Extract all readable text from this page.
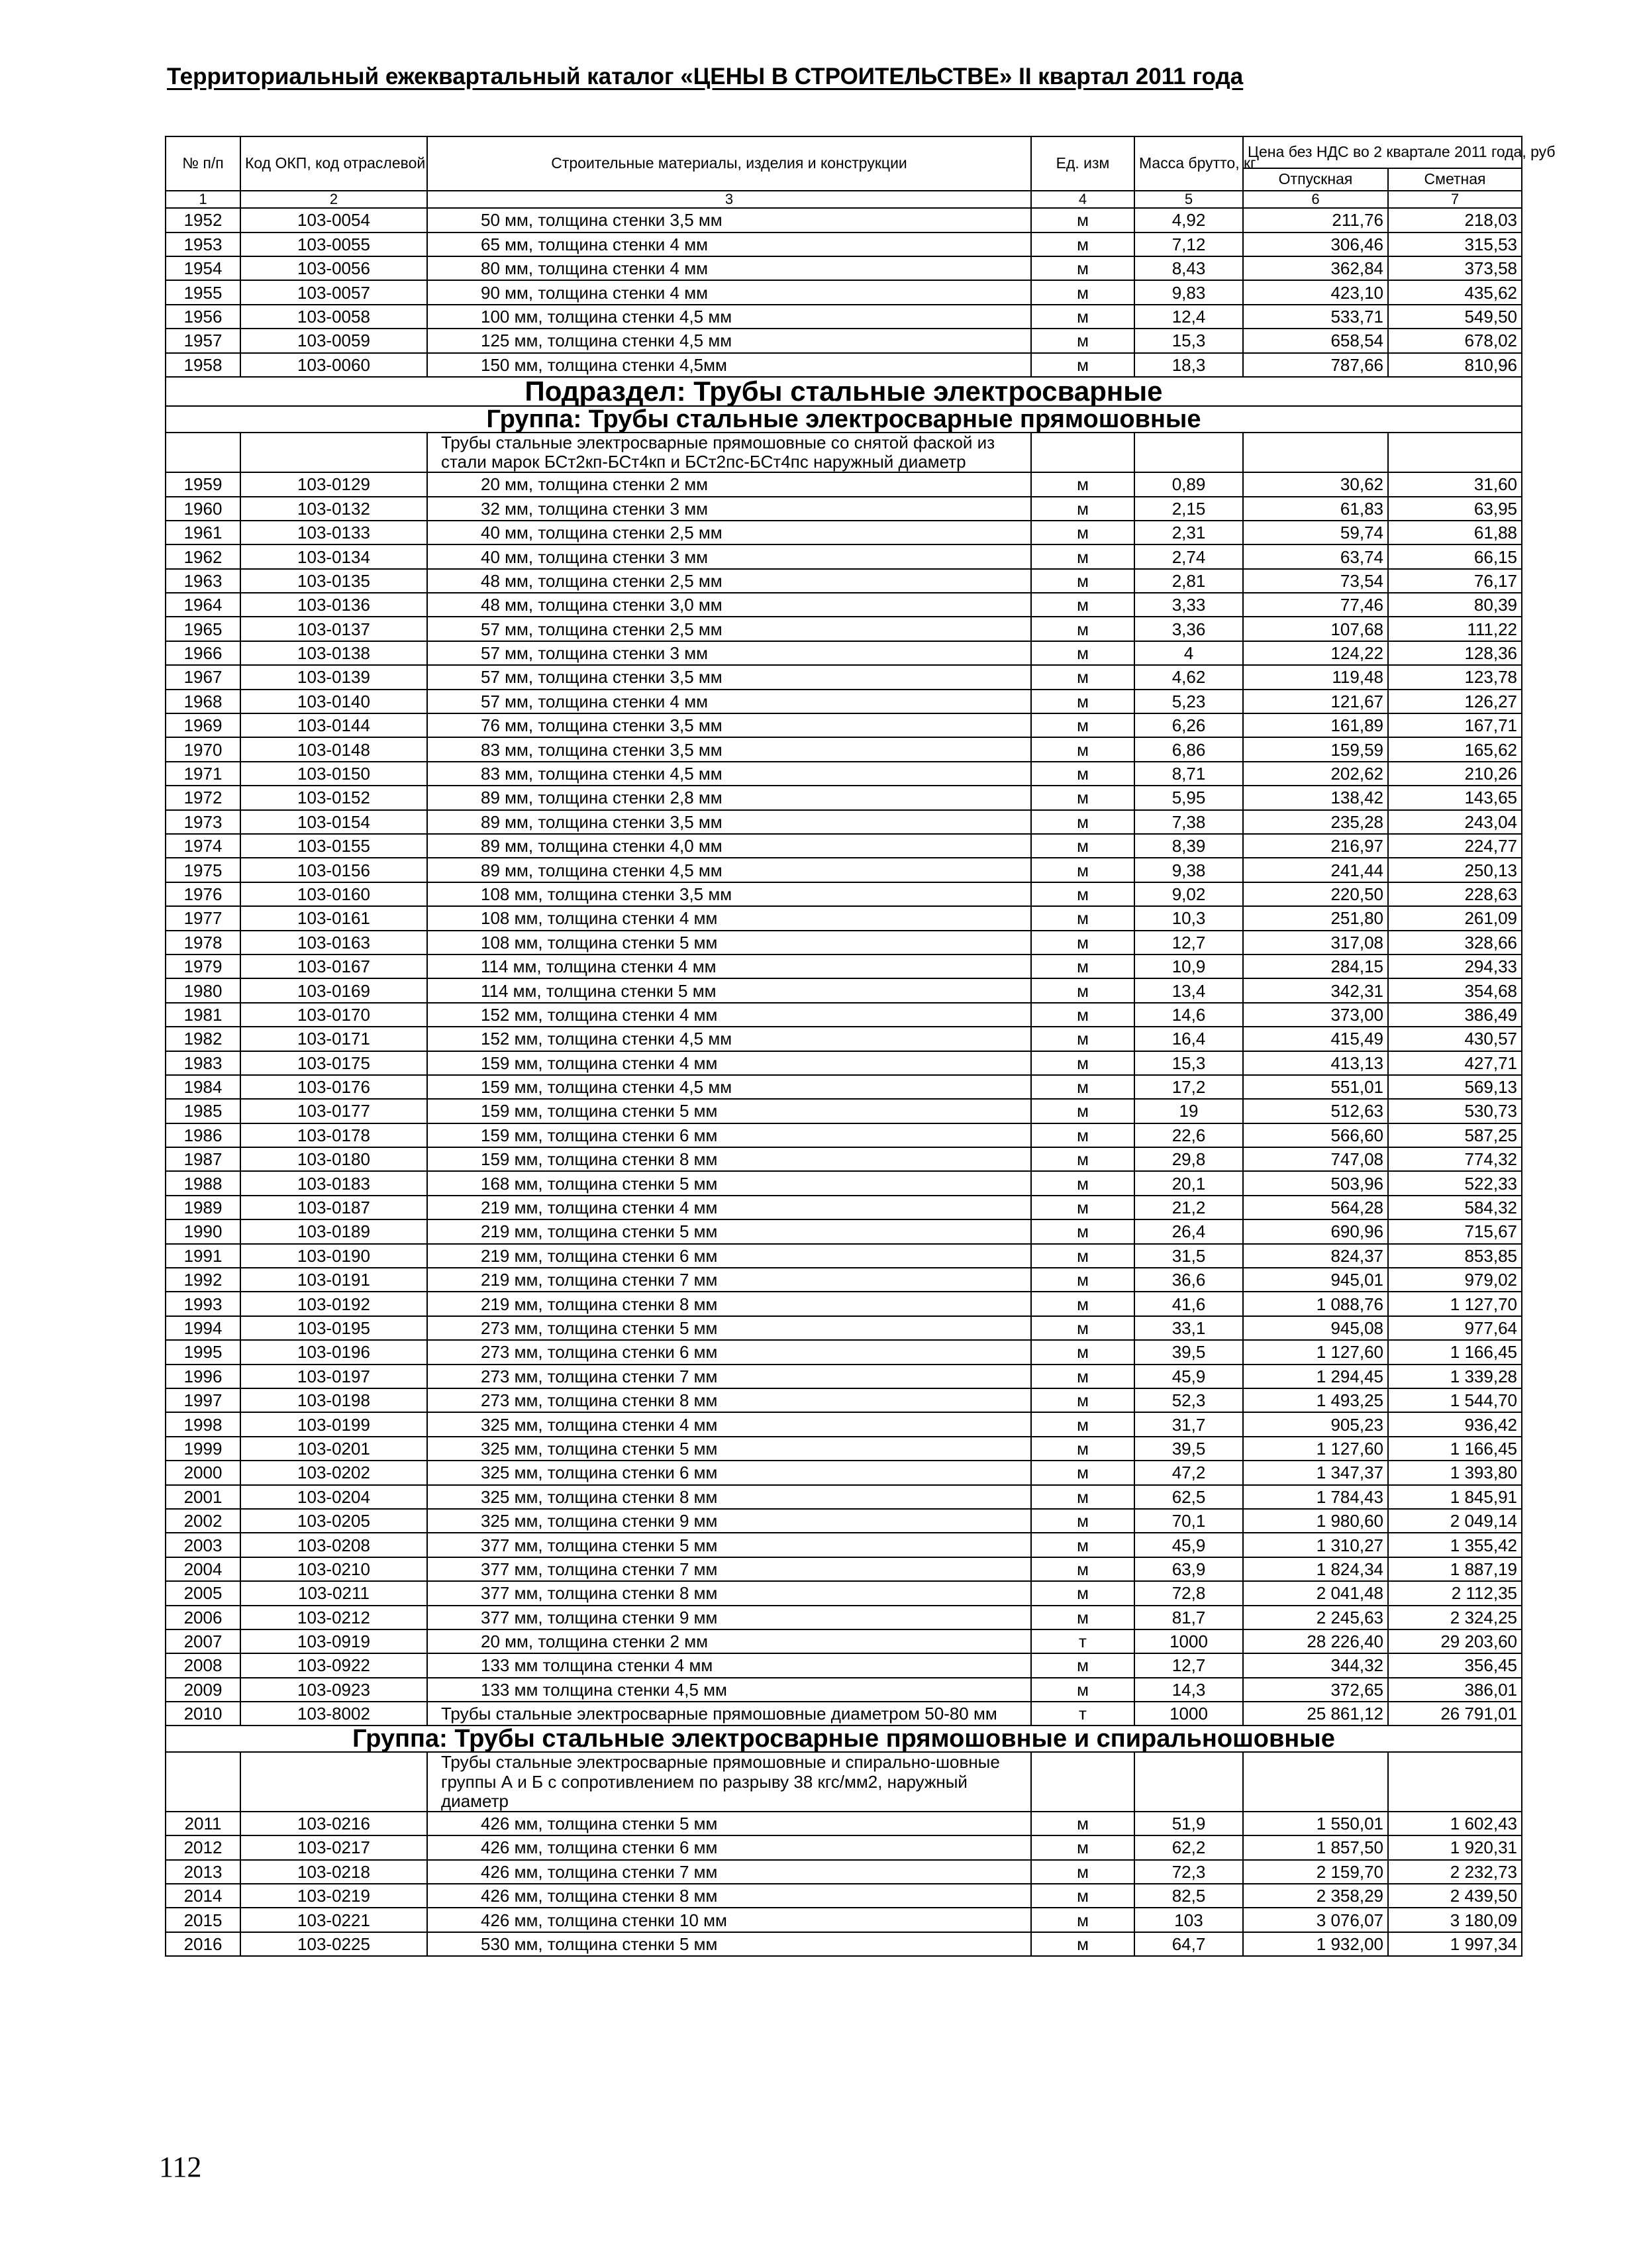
Территориальный ежеквартальный каталог «ЦЕНЫ В СТРОИТЕЛЬСТВЕ» II квартал 2011 года
№ п/п	Код ОКП, код отраслевой	Строительные материалы, изделия и конструкции	Ед. изм	Масса брутто, кг	Цена без НДС во 2 квартале 2011 года, руб	
					Отпускная	Сметная
1	2	3	4	5	6	7
1952	103-0054	50 мм, толщина стенки 3,5 мм	м	4,92	211,76	218,03
1953	103-0055	65 мм, толщина стенки 4 мм	м	7,12	306,46	315,53
1954	103-0056	80 мм, толщина стенки 4 мм	м	8,43	362,84	373,58
1955	103-0057	90 мм, толщина стенки 4 мм	м	9,83	423,10	435,62
1956	103-0058	100 мм, толщина стенки 4,5 мм	м	12,4	533,71	549,50
1957	103-0059	125 мм, толщина стенки 4,5 мм	м	15,3	658,54	678,02
1958	103-0060	150 мм, толщина стенки 4,5мм	м	18,3	787,66	810,96
Подраздел: Трубы стальные электросварные						
Группа: Трубы стальные электросварные прямошовные						
		Трубы стальные электросварные прямошовные со снятой фаской из стали марок БСт2кп-БСт4кп и БСт2пс-БСт4пс наружный диаметр				
1959	103-0129	20 мм, толщина стенки 2 мм	м	0,89	30,62	31,60
1960	103-0132	32 мм, толщина стенки 3 мм	м	2,15	61,83	63,95
1961	103-0133	40 мм, толщина стенки 2,5 мм	м	2,31	59,74	61,88
1962	103-0134	40 мм, толщина стенки 3 мм	м	2,74	63,74	66,15
1963	103-0135	48 мм, толщина стенки 2,5 мм	м	2,81	73,54	76,17
1964	103-0136	48 мм, толщина стенки 3,0 мм	м	3,33	77,46	80,39
1965	103-0137	57 мм, толщина стенки 2,5 мм	м	3,36	107,68	111,22
1966	103-0138	57 мм, толщина стенки 3 мм	м	4	124,22	128,36
1967	103-0139	57 мм, толщина стенки 3,5 мм	м	4,62	119,48	123,78
1968	103-0140	57 мм, толщина стенки 4 мм	м	5,23	121,67	126,27
1969	103-0144	76 мм, толщина стенки 3,5 мм	м	6,26	161,89	167,71
1970	103-0148	83 мм, толщина стенки 3,5 мм	м	6,86	159,59	165,62
1971	103-0150	83 мм, толщина стенки 4,5 мм	м	8,71	202,62	210,26
1972	103-0152	89 мм, толщина стенки 2,8 мм	м	5,95	138,42	143,65
1973	103-0154	89 мм, толщина стенки 3,5 мм	м	7,38	235,28	243,04
1974	103-0155	89 мм, толщина стенки 4,0 мм	м	8,39	216,97	224,77
1975	103-0156	89 мм, толщина стенки 4,5 мм	м	9,38	241,44	250,13
1976	103-0160	108 мм, толщина стенки 3,5 мм	м	9,02	220,50	228,63
1977	103-0161	108 мм, толщина стенки 4 мм	м	10,3	251,80	261,09
1978	103-0163	108 мм, толщина стенки 5 мм	м	12,7	317,08	328,66
1979	103-0167	114 мм, толщина стенки 4 мм	м	10,9	284,15	294,33
1980	103-0169	114 мм, толщина стенки 5 мм	м	13,4	342,31	354,68
1981	103-0170	152 мм, толщина стенки 4 мм	м	14,6	373,00	386,49
1982	103-0171	152 мм, толщина стенки 4,5 мм	м	16,4	415,49	430,57
1983	103-0175	159 мм, толщина стенки 4 мм	м	15,3	413,13	427,71
1984	103-0176	159 мм, толщина стенки 4,5 мм	м	17,2	551,01	569,13
1985	103-0177	159 мм, толщина стенки 5 мм	м	19	512,63	530,73
1986	103-0178	159 мм, толщина стенки 6 мм	м	22,6	566,60	587,25
1987	103-0180	159 мм, толщина стенки 8 мм	м	29,8	747,08	774,32
1988	103-0183	168 мм, толщина стенки 5 мм	м	20,1	503,96	522,33
1989	103-0187	219 мм, толщина стенки 4 мм	м	21,2	564,28	584,32
1990	103-0189	219 мм, толщина стенки 5 мм	м	26,4	690,96	715,67
1991	103-0190	219 мм, толщина стенки 6 мм	м	31,5	824,37	853,85
1992	103-0191	219 мм, толщина стенки 7 мм	м	36,6	945,01	979,02
1993	103-0192	219 мм, толщина стенки 8 мм	м	41,6	1 088,76	1 127,70
1994	103-0195	273 мм, толщина стенки 5 мм	м	33,1	945,08	977,64
1995	103-0196	273 мм, толщина стенки 6 мм	м	39,5	1 127,60	1 166,45
1996	103-0197	273 мм, толщина стенки 7 мм	м	45,9	1 294,45	1 339,28
1997	103-0198	273 мм, толщина стенки 8 мм	м	52,3	1 493,25	1 544,70
1998	103-0199	325 мм, толщина стенки 4 мм	м	31,7	905,23	936,42
1999	103-0201	325 мм, толщина стенки 5 мм	м	39,5	1 127,60	1 166,45
2000	103-0202	325 мм, толщина стенки 6 мм	м	47,2	1 347,37	1 393,80
2001	103-0204	325 мм, толщина стенки 8 мм	м	62,5	1 784,43	1 845,91
2002	103-0205	325 мм, толщина стенки 9 мм	м	70,1	1 980,60	2 049,14
2003	103-0208	377 мм, толщина стенки 5 мм	м	45,9	1 310,27	1 355,42
2004	103-0210	377 мм, толщина стенки 7 мм	м	63,9	1 824,34	1 887,19
2005	103-0211	377 мм, толщина стенки 8 мм	м	72,8	2 041,48	2 112,35
2006	103-0212	377 мм, толщина стенки 9 мм	м	81,7	2 245,63	2 324,25
2007	103-0919	20 мм, толщина стенки 2 мм	т	1000	28 226,40	29 203,60
2008	103-0922	133 мм толщина стенки 4 мм	м	12,7	344,32	356,45
2009	103-0923	133 мм толщина стенки 4,5 мм	м	14,3	372,65	386,01
2010	103-8002	Трубы стальные электросварные прямошовные диаметром 50-80 мм	т	1000	25 861,12	26 791,01
Группа: Трубы стальные электросварные прямошовные и спиральношовные						
		Трубы стальные электросварные прямошовные и спирально-шовные группы А и Б с сопротивлением по разрыву 38 кгс/мм2, наружный диаметр				
2011	103-0216	426 мм, толщина стенки 5 мм	м	51,9	1 550,01	1 602,43
2012	103-0217	426 мм, толщина стенки 6 мм	м	62,2	1 857,50	1 920,31
2013	103-0218	426 мм, толщина стенки 7 мм	м	72,3	2 159,70	2 232,73
2014	103-0219	426 мм, толщина стенки 8 мм	м	82,5	2 358,29	2 439,50
2015	103-0221	426 мм, толщина стенки 10 мм	м	103	3 076,07	3 180,09
2016	103-0225	530 мм, толщина стенки 5 мм	м	64,7	1 932,00	1 997,34
112
